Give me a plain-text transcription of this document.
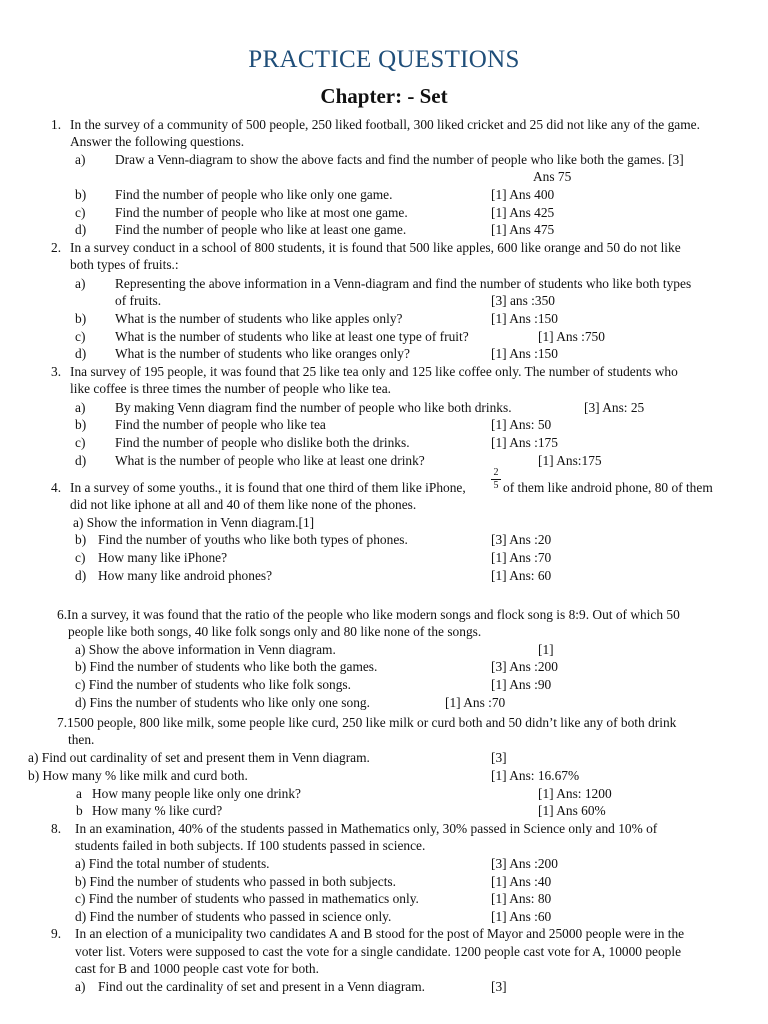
PRACTICE QUESTIONS
Chapter: - Set
1. In the survey of a community of 500 people, 250 liked football, 300 liked cricket and 25 did not like any of the game.
Answer the following questions.
a) Draw a Venn-diagram to show the above facts and find the number of people who like both the games. [3]
Ans 75
b) Find the number of people who like only one game.	[1] Ans 400
c) Find the number of people who like at most one game.	[1] Ans 425
d) Find the number of people who like at least one game.	[1] Ans 475
2. In a survey conduct in a school of 800 students, it is found that 500 like apples, 600 like orange and 50 do not like
both types of fruits.:
a) Representing the above information in a Venn-diagram and find the number of students who like both types
of fruits.	[3] ans :350
b) What is the number of students who like apples only?	[1] Ans :150
c) What is the number of students who like at least one type of fruit?	[1] Ans :750
d) What is the number of students who like oranges only?	[1] Ans :150
3. Ina survey of 195 people, it was found that 25 like tea only and 125 like coffee only. The number of students who
like coffee is three times the number of people who like tea.
a) By making Venn diagram find the number of people who like both drinks.	[3] Ans: 25
b) Find the number of people who like tea	[1] Ans: 50
c) Find the number of people who dislike both the drinks.	[1] Ans :175
d) What is the number of people who like at least one drink?	[1] Ans:175
4. In a survey of some youths., it is found that one third of them like iPhone,	of them like android phone, 80 of them
did not like iphone at all and 40 of them like none of the phones.
a) Show the information in Venn diagram.[1]
b) Find the number of youths who like both types of phones.	[3] Ans :20
c) How many like iPhone?	[1] Ans :70
d) How many like android phones?	[1] Ans: 60
6.In a survey, it was found that the ratio of the people who like modern songs and flock song is 8:9. Out of which 50
people like both songs, 40 like folk songs only and 80 like none of the songs.
a) Show the above information in Venn diagram.	[1]
b) Find the number of students who like both the games.	[3] Ans :200
c) Find the number of students who like folk songs.	[1] Ans :90
d) Fins the number of students who like only one song.	[1] Ans :70
7.1500 people, 800 like milk, some people like curd, 250 like milk or curd both and 50 didn’t like any of both drink
then.
a) Find out cardinality of set and present them in Venn diagram.	[3]
b) How many % like milk and curd both.	[1] Ans: 16.67%
a How many people like only one drink?	[1] Ans: 1200
b How many % like curd?	[1] Ans 60%
8. In an examination, 40% of the students passed in Mathematics only, 30% passed in Science only and 10% of
students failed in both subjects. If 100 students passed in science.
a) Find the total number of students.	[3] Ans :200
b) Find the number of students who passed in both subjects.	[1] Ans :40
c) Find the number of students who passed in mathematics only.	[1] Ans: 80
d) Find the number of students who passed in science only.	[1] Ans :60
9. In an election of a municipality two candidates A and B stood for the post of Mayor and 25000 people were in the
voter list. Voters were supposed to cast the vote for a single candidate. 1200 people cast vote for A, 10000 people
cast for B and 1000 people cast vote for both.
a) Find out the cardinality of set and present in a Venn diagram.	[3]
2
5
